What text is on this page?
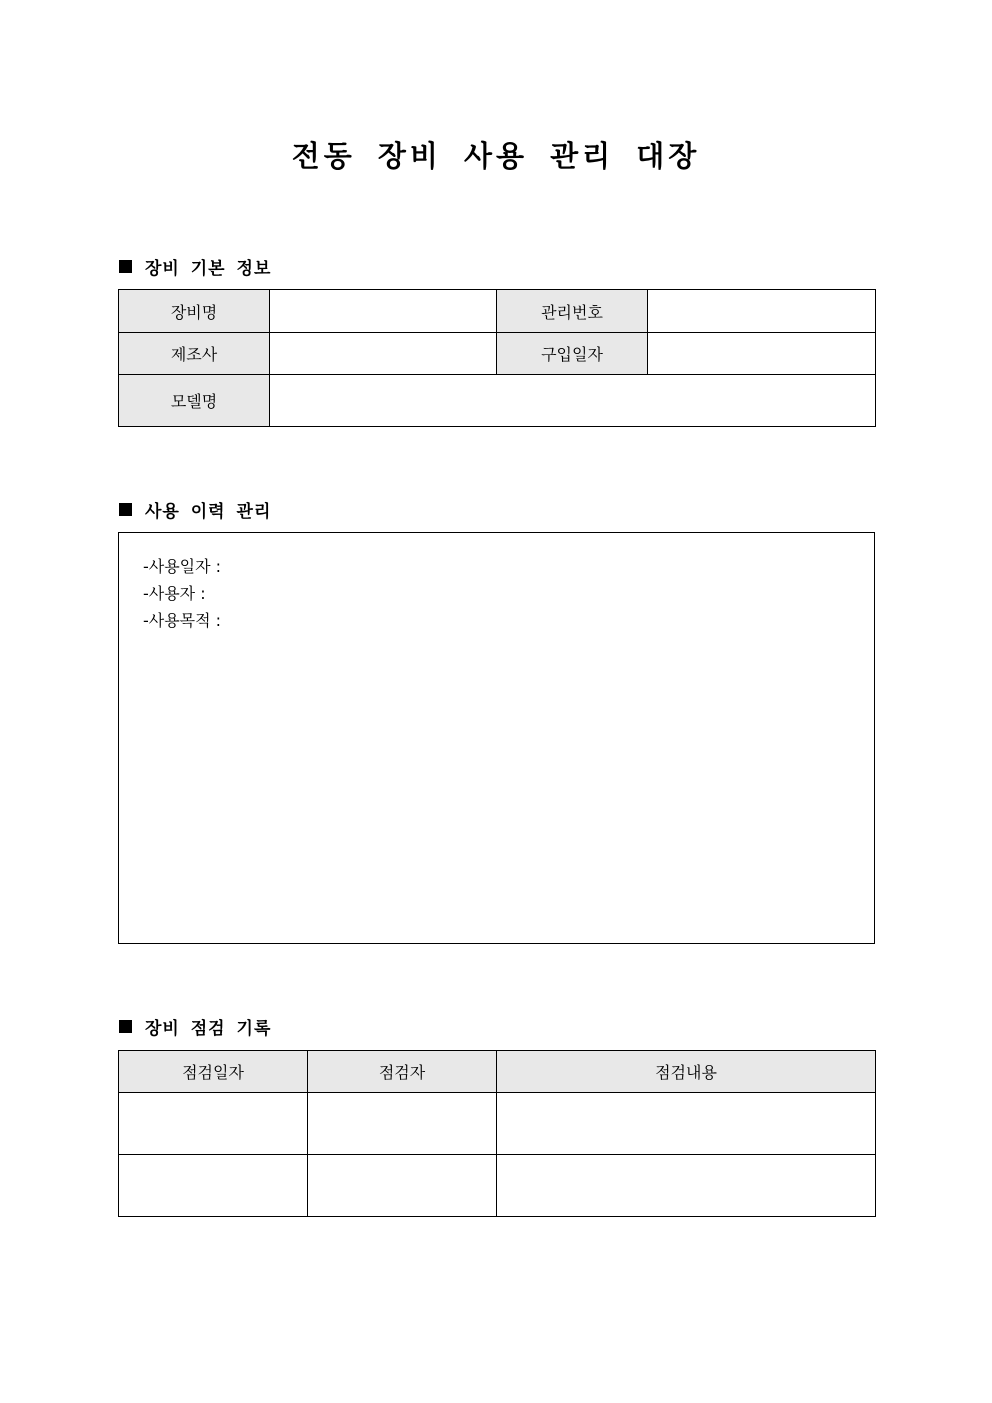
전동 장비 사용 관리 대장
장비 기본 정보
장비명		관리번호	
제조사		구입일자	
모델명			
사용 이력 관리
-사용일자 :
-사용자 :
-사용목적 :
장비 점검 기록
점검일자	점검자	점검내용
